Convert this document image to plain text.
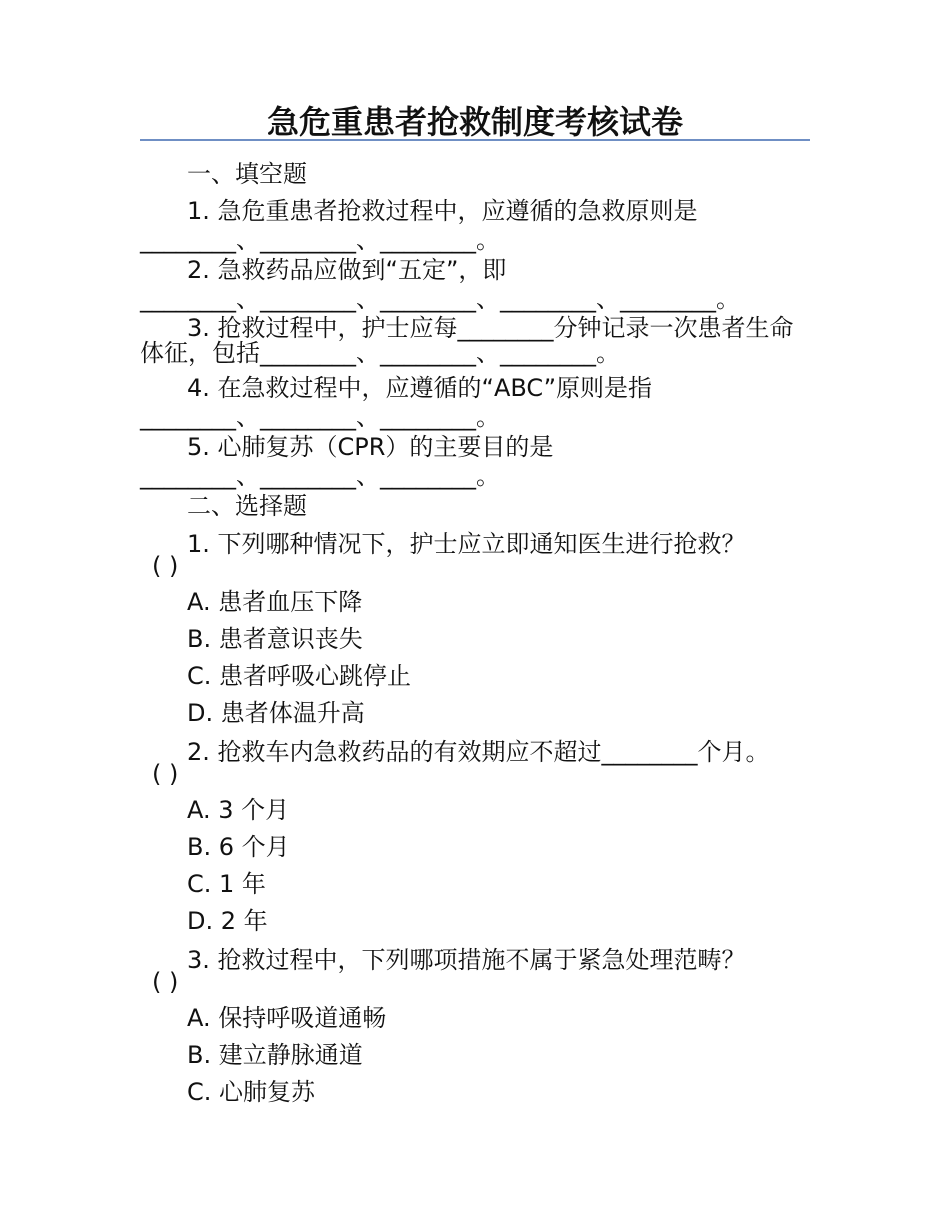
急危重患者抢救制度考核试卷
一、填空题
1. 急危重患者抢救过程中，应遵循的急救原则是
________、________、________。
2. 急救药品应做到“五定”，即
________、________、________、________、________。
3. 抢救过程中，护士应每________分钟记录一次患者生命
体征，包括________、________、________。
4. 在急救过程中，应遵循的“ABC”原则是指
________、________、________。
5. 心肺复苏（CPR）的主要目的是
________、________、________。
二、选择题
1. 下列哪种情况下，护士应立即通知医生进行抢救？
( )
A. 患者血压下降
B. 患者意识丧失
C. 患者呼吸心跳停止
D. 患者体温升高
2. 抢救车内急救药品的有效期应不超过________个月。
( )
A. 3 个月
B. 6 个月
C. 1 年
D. 2 年
3. 抢救过程中，下列哪项措施不属于紧急处理范畴？
( )
A. 保持呼吸道通畅
B. 建立静脉通道
C. 心肺复苏
